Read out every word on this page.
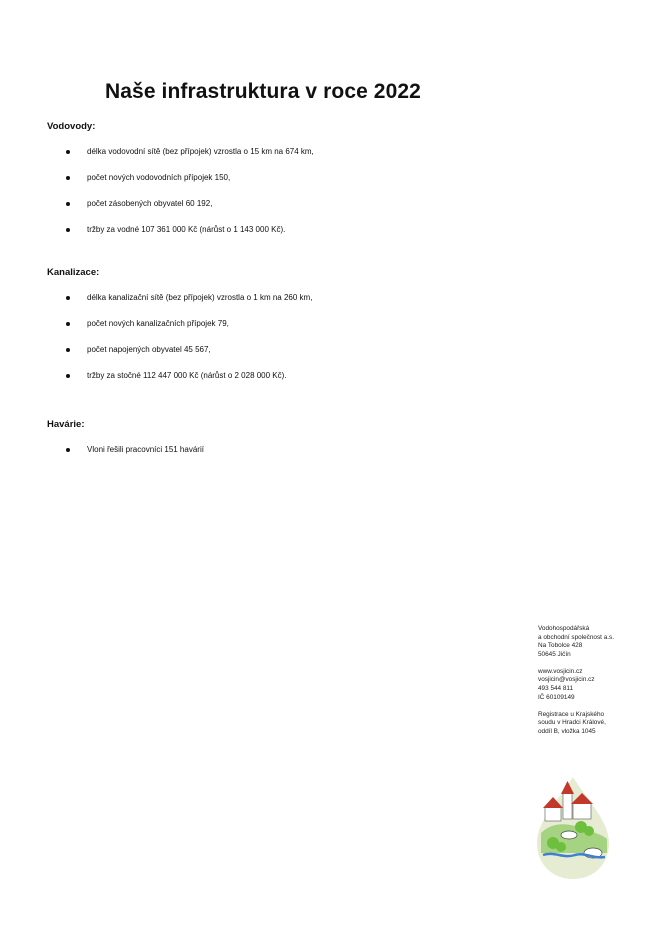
Naše infrastruktura v roce 2022
Vodovody:
délka vodovodní sítě (bez přípojek) vzrostla o 15 km na 674 km,
počet nových vodovodních přípojek 150,
počet zásobených obyvatel 60 192,
tržby za vodné 107 361 000 Kč (nárůst o 1 143 000 Kč).
Kanalizace:
délka kanalizační sítě (bez přípojek) vzrostla o 1 km na 260 km,
počet nových kanalizačních přípojek 79,
počet napojených obyvatel 45 567,
tržby za stočné 112 447 000 Kč (nárůst o 2 028 000 Kč).
Havárie:
Vloni řešili pracovníci 151 havárií
Vodohospodářská
a obchodní společnost a.s.
Na Tobolce 428
50645 Jičín
www.vosjicin.cz
vosjicin@vosjicin.cz
493 544 811
IČ 60109149
Registrace u Krajského
soudu v Hradci Králové,
oddíl B, vložka 1045
